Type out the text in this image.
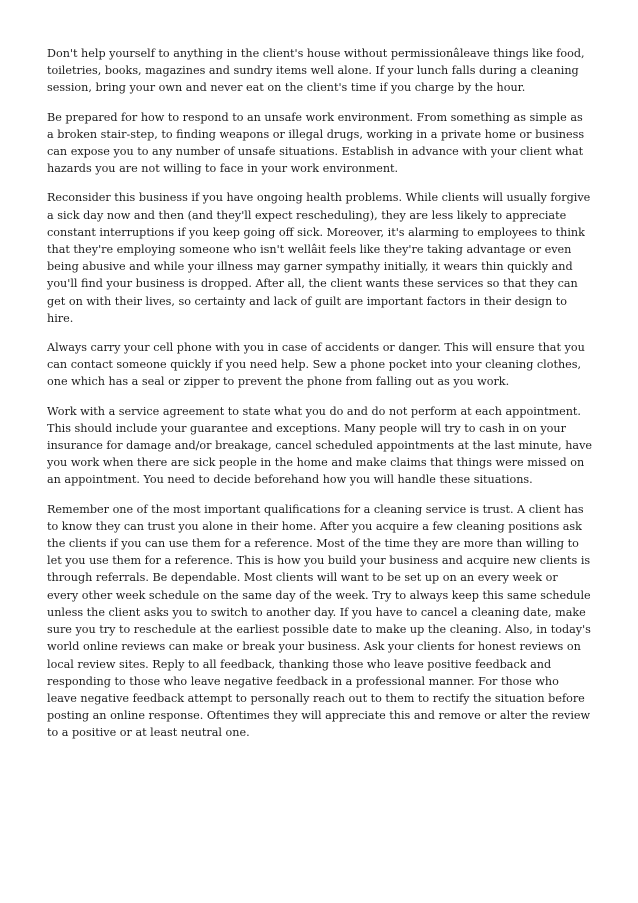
Don't help yourself to anything in the client's house without permissionâleave things like food, toiletries, books, magazines and sundry items well alone. If your lunch falls during a cleaning session, bring your own and never eat on the client's time if you charge by the hour.

Be prepared for how to respond to an unsafe work environment. From something as simple as a broken stair-step, to finding weapons or illegal drugs, working in a private home or business can expose you to any number of unsafe situations. Establish in advance with your client what hazards you are not willing to face in your work environment.

Reconsider this business if you have ongoing health problems. While clients will usually forgive a sick day now and then (and they'll expect rescheduling), they are less likely to appreciate constant interruptions if you keep going off sick. Moreover, it's alarming to employees to think that they're employing someone who isn't wellâit feels like they're taking advantage or even being abusive and while your illness may garner sympathy initially, it wears thin quickly and you'll find your business is dropped. After all, the client wants these services so that they can get on with their lives, so certainty and lack of guilt are important factors in their design to hire.

Always carry your cell phone with you in case of accidents or danger. This will ensure that you can contact someone quickly if you need help. Sew a phone pocket into your cleaning clothes, one which has a seal or zipper to prevent the phone from falling out as you work.

Work with a service agreement to state what you do and do not perform at each appointment. This should include your guarantee and exceptions. Many people will try to cash in on your insurance for damage and/or breakage, cancel scheduled appointments at the last minute, have you work when there are sick people in the home and make claims that things were missed on an appointment. You need to decide beforehand how you will handle these situations.

Remember one of the most important qualifications for a cleaning service is trust. A client has to know they can trust you alone in their home. After you acquire a few cleaning positions ask the clients if you can use them for a reference. Most of the time they are more than willing to let you use them for a reference. This is how you build your business and acquire new clients is through referrals. Be dependable. Most clients will want to be set up on an every week or every other week schedule on the same day of the week. Try to always keep this same schedule unless the client asks you to switch to another day. If you have to cancel a cleaning date, make sure you try to reschedule at the earliest possible date to make up the cleaning. Also, in today's world online reviews can make or break your business. Ask your clients for honest reviews on local review sites. Reply to all feedback, thanking those who leave positive feedback and responding to those who leave negative feedback in a professional manner. For those who leave negative feedback attempt to personally reach out to them to rectify the situation before posting an online response. Oftentimes they will appreciate this and remove or alter the review to a positive or at least neutral one.
